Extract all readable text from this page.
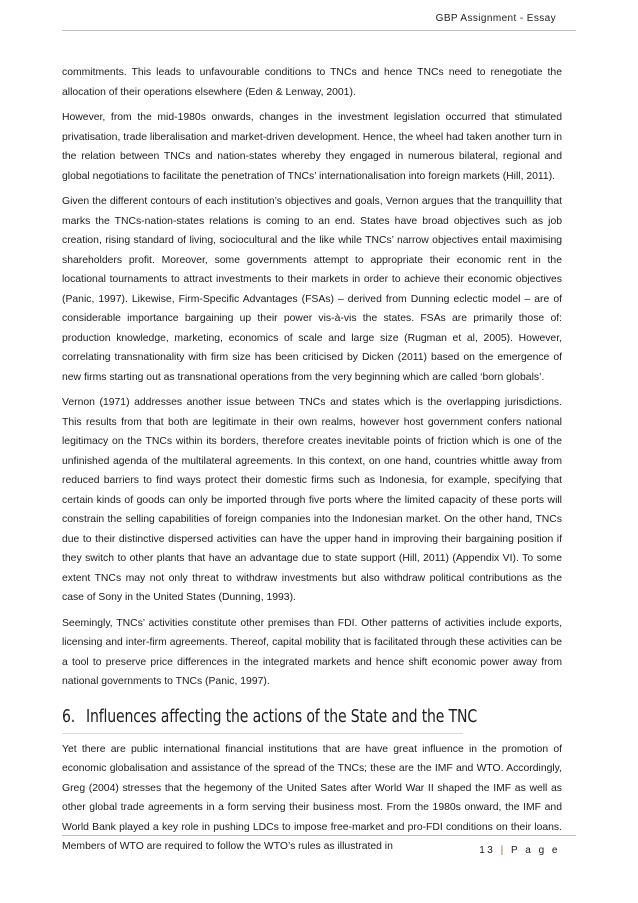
GBP Assignment - Essay

commitments. This leads to unfavourable conditions to TNCs and hence TNCs need to renegotiate the allocation of their operations elsewhere (Eden & Lenway, 2001).

However, from the mid-1980s onwards, changes in the investment legislation occurred that stimulated privatisation, trade liberalisation and market-driven development. Hence, the wheel had taken another turn in the relation between TNCs and nation-states whereby they engaged in numerous bilateral, regional and global negotiations to facilitate the penetration of TNCs’ internationalisation into foreign markets (Hill, 2011).

Given the different contours of each institution’s objectives and goals, Vernon argues that the tranquillity that marks the TNCs-nation-states relations is coming to an end. States have broad objectives such as job creation, rising standard of living, sociocultural and the like while TNCs’ narrow objectives entail maximising shareholders profit. Moreover, some governments attempt to appropriate their economic rent in the locational tournaments to attract investments to their markets in order to achieve their economic objectives (Panic, 1997). Likewise, Firm-Specific Advantages (FSAs) – derived from Dunning eclectic model – are of considerable importance bargaining up their power vis-à-vis the states. FSAs are primarily those of: production knowledge, marketing, economics of scale and large size (Rugman et al, 2005). However, correlating transnationality with firm size has been criticised by Dicken (2011) based on the emergence of new firms starting out as transnational operations from the very beginning which are called ‘born globals’.

Vernon (1971) addresses another issue between TNCs and states which is the overlapping jurisdictions. This results from that both are legitimate in their own realms, however host government confers national legitimacy on the TNCs within its borders, therefore creates inevitable points of friction which is one of the unfinished agenda of the multilateral agreements. In this context, on one hand, countries whittle away from reduced barriers to find ways protect their domestic firms such as Indonesia, for example, specifying that certain kinds of goods can only be imported through five ports where the limited capacity of these ports will constrain the selling capabilities of foreign companies into the Indonesian market. On the other hand, TNCs due to their distinctive dispersed activities can have the upper hand in improving their bargaining position if they switch to other plants that have an advantage due to state support (Hill, 2011) (Appendix VI). To some extent TNCs may not only threat to withdraw investments but also withdraw political contributions as the case of Sony in the United States (Dunning, 1993).

Seemingly, TNCs’ activities constitute other premises than FDI. Other patterns of activities include exports, licensing and inter-firm agreements. Thereof, capital mobility that is facilitated through these activities can be a tool to preserve price differences in the integrated markets and hence shift economic power away from national governments to TNCs (Panic, 1997).

6. Influences affecting the actions of the State and the TNC

Yet there are public international financial institutions that are have great influence in the promotion of economic globalisation and assistance of the spread of the TNCs; these are the IMF and WTO. Accordingly, Greg (2004) stresses that the hegemony of the United Sates after World War II shaped the IMF as well as other global trade agreements in a form serving their business most. From the 1980s onward, the IMF and World Bank played a key role in pushing LDCs to impose free-market and pro-FDI conditions on their loans. Members of WTO are required to follow the WTO’s rules as illustrated in	13 | P a g e
